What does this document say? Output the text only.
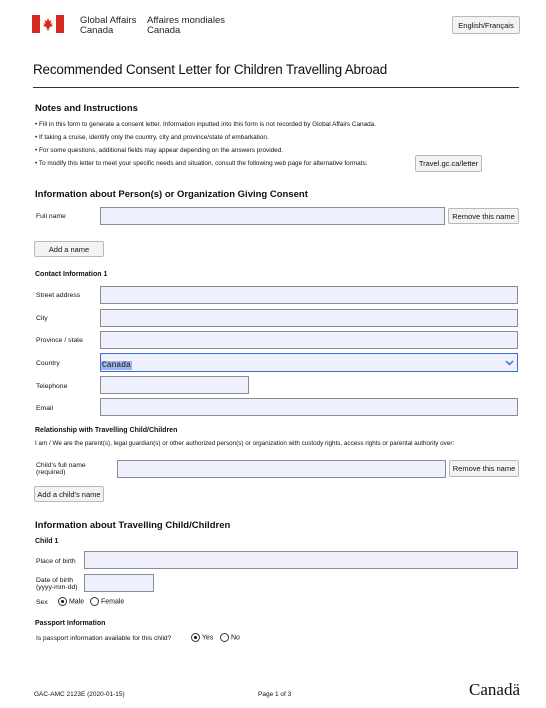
Global Affairs
Canada
Affaires mondiales
Canada	English/Français
Recommended Consent Letter for Children Travelling Abroad
Notes and Instructions
• Fill in this form to generate a consent letter. Information inputted into this form is not recorded by Global Affairs Canada.
• If taking a cruise, identify only the country, city and province/state of embarkation.
• For some questions, additional fields may appear depending on the answers provided.
• To modify this letter to meet your specific needs and situation, consult the following web page for alternative formats:	Travel.gc.ca/letter
Information about Person(s) or Organization Giving Consent
Full name	Remove this name
Add a name
Contact Information 1
Street address
City
Province / state
Country	Canada
Telephone
Email
Relationship with Travelling Child/Children
I am / We are the parent(s), legal guardian(s) or other authorized person(s) or organization with custody rights, access rights or parental authority over:
Child's full name
(required)	Remove this name
Add a child's name
Information about Travelling Child/Children
Child 1
Place of birth
Date of birth
(yyyy-mm-dd)
Sex	Male	Female
Passport Information
Is passport information available for this child?	Yes	No
GAC-AMC 2123E (2020-01-15)	Page 1 of 3	Canadä
